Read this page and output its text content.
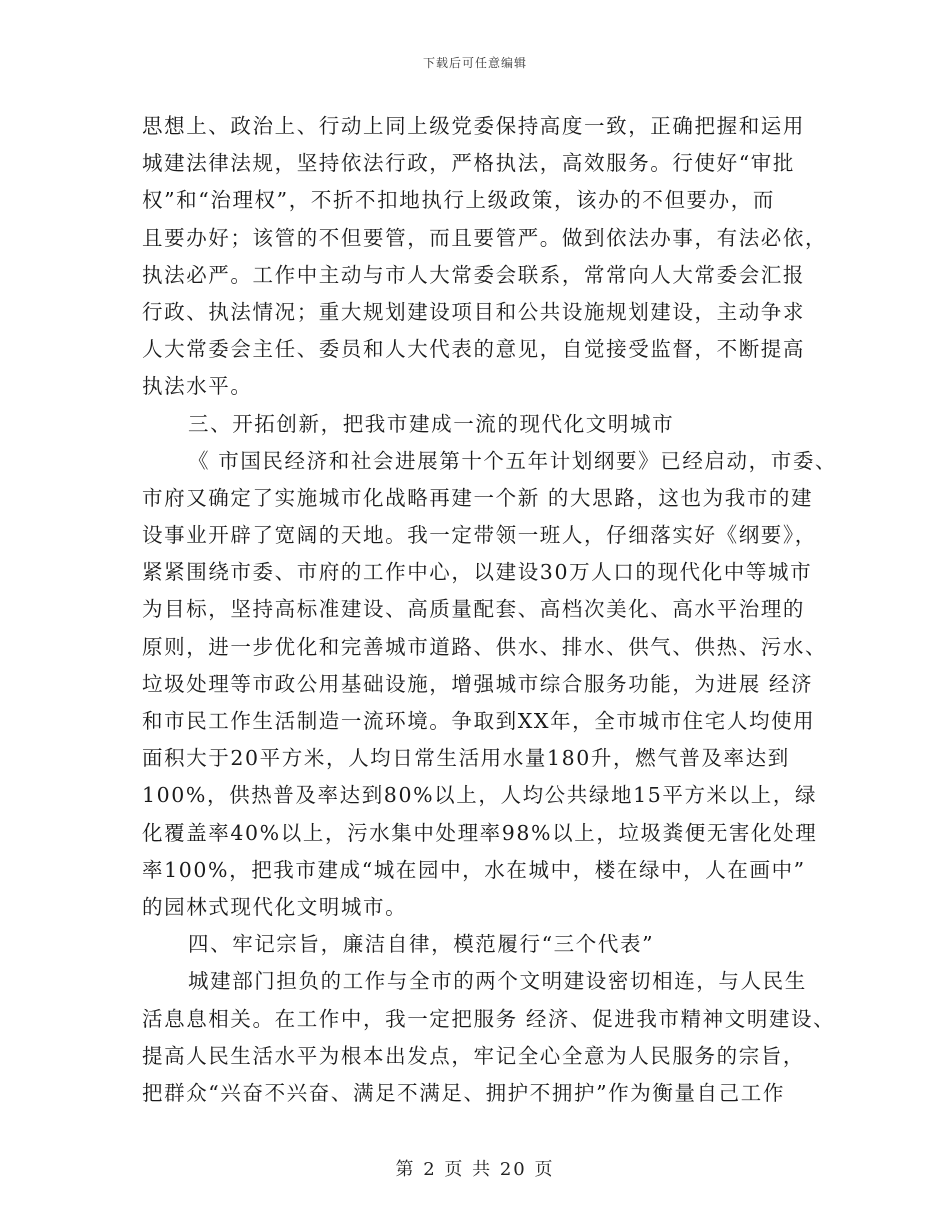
下载后可任意编辑
思想上、政治上、行动上同上级党委保持高度一致，正确把握和运用
城建法律法规，坚持依法行政，严格执法，高效服务。行使好“审批
权”和“治理权”，不折不扣地执行上级政策，该办的不但要办，而
且要办好；该管的不但要管，而且要管严。做到依法办事，有法必依，
执法必严。工作中主动与市人大常委会联系，常常向人大常委会汇报
行政、执法情况；重大规划建设项目和公共设施规划建设，主动争求
人大常委会主任、委员和人大代表的意见，自觉接受监督，不断提高
执法水平。
三、开拓创新，把我市建成一流的现代化文明城市
《 市国民经济和社会进展第十个五年计划纲要》已经启动，市委、
市府又确定了实施城市化战略再建一个新 的大思路，这也为我市的建
设事业开辟了宽阔的天地。我一定带领一班人，仔细落实好《纲要》，
紧紧围绕市委、市府的工作中心，以建设30万人口的现代化中等城市
为目标，坚持高标准建设、高质量配套、高档次美化、高水平治理的
原则，进一步优化和完善城市道路、供水、排水、供气、供热、污水、
垃圾处理等市政公用基础设施，增强城市综合服务功能，为进展 经济
和市民工作生活制造一流环境。争取到XX年，全市城市住宅人均使用
面积大于20平方米，人均日常生活用水量180升，燃气普及率达到
100%，供热普及率达到80%以上，人均公共绿地15平方米以上，绿
化覆盖率40%以上，污水集中处理率98%以上，垃圾粪便无害化处理
率100%，把我市建成“城在园中，水在城中，楼在绿中，人在画中”
的园林式现代化文明城市。
四、牢记宗旨，廉洁自律，模范履行“三个代表”
城建部门担负的工作与全市的两个文明建设密切相连，与人民生
活息息相关。在工作中，我一定把服务 经济、促进我市精神文明建设、
提高人民生活水平为根本出发点，牢记全心全意为人民服务的宗旨，
把群众“兴奋不兴奋、满足不满足、拥护不拥护”作为衡量自己工作
第 2 页 共 20 页
